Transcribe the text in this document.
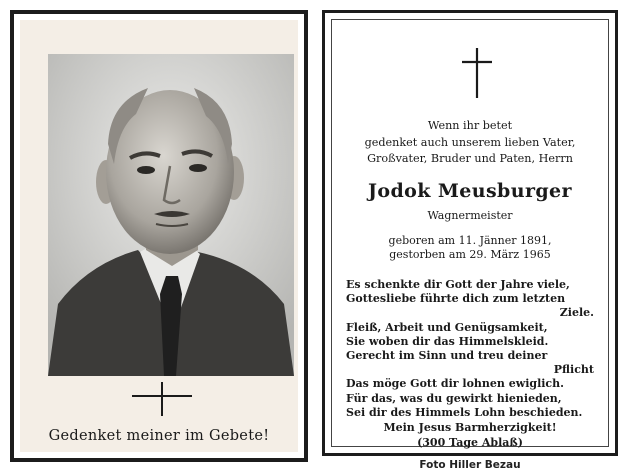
Gedenket meiner im Gebete!
Wenn ihr betet
gedenket auch unserem lieben Vater,
Großvater, Bruder und Paten, Herrn
Jodok Meusburger
Wagnermeister
geboren am 11. Jänner 1891,
gestorben am 29. März 1965
Es schenkte dir Gott der Jahre viele,
Gottesliebe führte dich zum letzten
Ziele.
Fleiß, Arbeit und Genügsamkeit,
Sie woben dir das Himmelskleid.
Gerecht im Sinn und treu deiner
Pflicht
Das möge Gott dir lohnen ewiglich.
Für das, was du gewirkt hienieden,
Sei dir des Himmels Lohn beschieden.
Mein Jesus Barmherzigkeit!
(300 Tage Ablaß)
Foto Hiller Bezau
